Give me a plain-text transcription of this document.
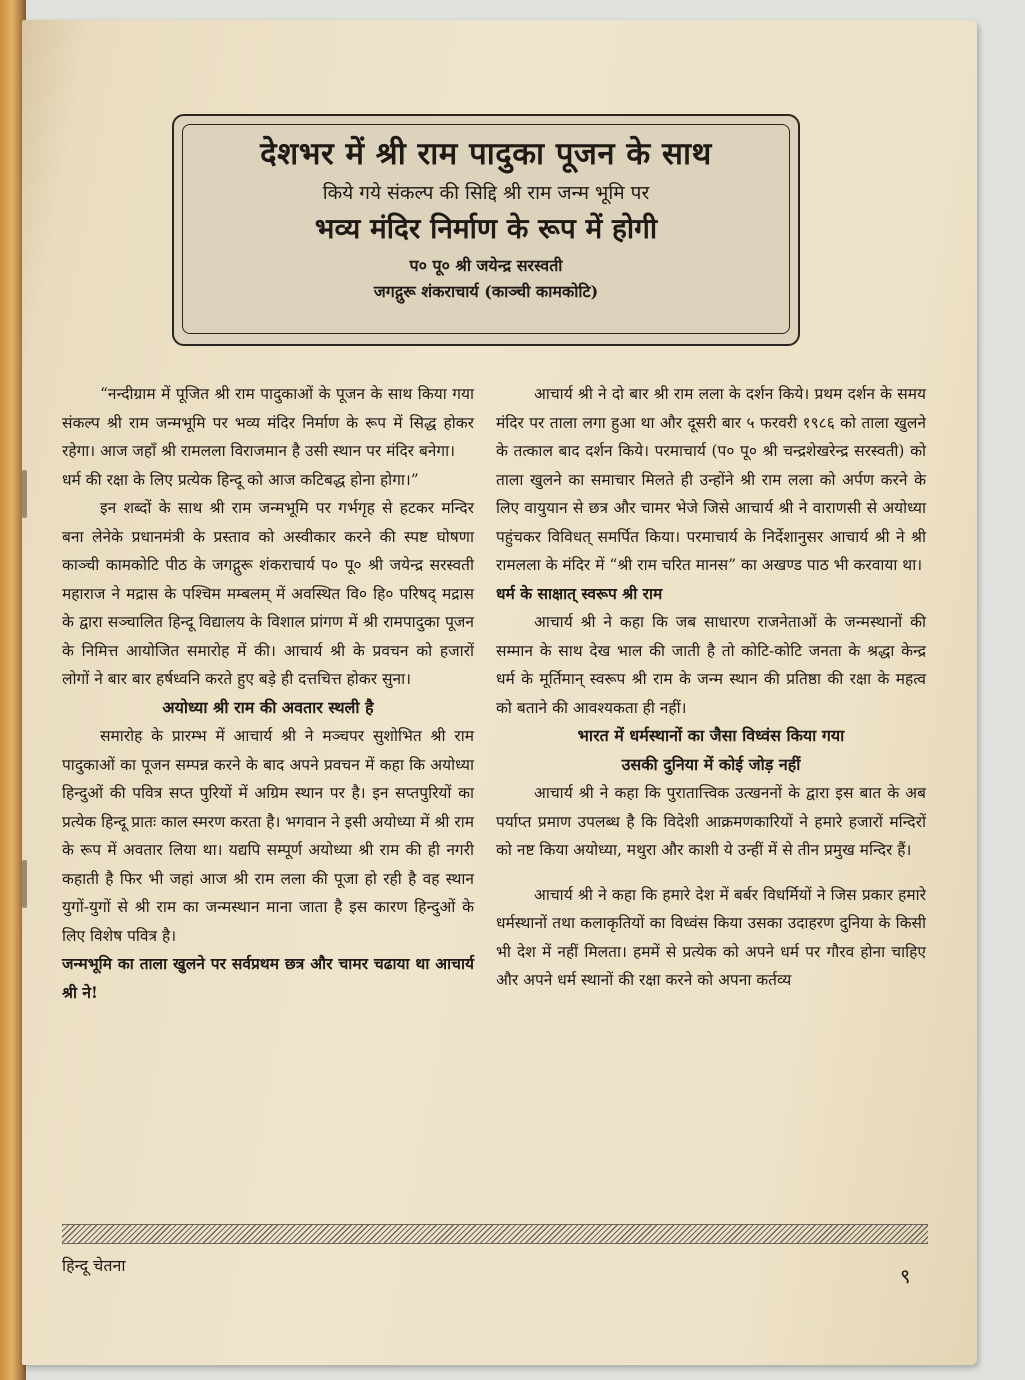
देशभर में श्री राम पादुका पूजन के साथ
किये गये संकल्प की सिद्दि श्री राम जन्म भूमि पर
भव्य मंदिर निर्माण के रूप में होगी
प० पू० श्री जयेन्द्र सरस्वती
जगद्गुरू शंकराचार्य (काञ्ची कामकोटि)

“नन्दीग्राम में पूजित श्री राम पादुकाओं के पूजन के साथ किया गया संकल्प श्री राम जन्मभूमि पर भव्य मंदिर निर्माण के रूप में सिद्ध होकर रहेगा। आज जहाँ श्री रामलला विराजमान है उसी स्थान पर मंदिर बनेगा।

धर्म की रक्षा के लिए प्रत्येक हिन्दू को आज कटिबद्ध होना होगा।”

इन शब्दों के साथ श्री राम जन्मभूमि पर गर्भगृह से हटकर मन्दिर बना लेनेके प्रधानमंत्री के प्रस्ताव को अस्वीकार करने की स्पष्ट घोषणा काञ्ची कामकोटि पीठ के जगद्गुरू शंकराचार्य प० पू० श्री जयेन्द्र सरस्वती महाराज ने मद्रास के पश्चिम मम्बलम् में अवस्थित वि० हि० परिषद् मद्रास के द्वारा सञ्चालित हिन्दू विद्यालय के विशाल प्रांगण में श्री रामपादुका पूजन के निमित्त आयोजित समारोह में की। आचार्य श्री के प्रवचन को हजारों लोगों ने बार बार हर्षध्वनि करते हुए बड़े ही दत्तचित्त होकर सुना।

अयोध्या श्री राम की अवतार स्थली है

समारोह के प्रारम्भ में आचार्य श्री ने मञ्चपर सुशोभित श्री राम पादुकाओं का पूजन सम्पन्न करने के बाद अपने प्रवचन में कहा कि अयोध्या हिन्दुओं की पवित्र सप्त पुरियों में अग्रिम स्थान पर है। इन सप्तपुरियों का प्रत्येक हिन्दू प्रातः काल स्मरण करता है। भगवान ने इसी अयोध्या में श्री राम के रूप में अवतार लिया था। यद्यपि सम्पूर्ण अयोध्या श्री राम की ही नगरी कहाती है फिर भी जहां आज श्री राम लला की पूजा हो रही है वह स्थान युगों-युगों से श्री राम का जन्मस्थान माना जाता है इस कारण हिन्दुओं के लिए विशेष पवित्र है।

जन्मभूमि का ताला खुलने पर सर्वप्रथम छत्र और चामर चढाया था आचार्य श्री ने!

आचार्य श्री ने दो बार श्री राम लला के दर्शन किये। प्रथम दर्शन के समय मंदिर पर ताला लगा हुआ था और दूसरी बार ५ फरवरी १९८६ को ताला खुलने के तत्काल बाद दर्शन किये। परमाचार्य (प० पू० श्री चन्द्रशेखरेन्द्र सरस्वती) को ताला खुलने का समाचार मिलते ही उन्होंने श्री राम लला को अर्पण करने के लिए वायुयान से छत्र और चामर भेजे जिसे आचार्य श्री ने वाराणसी से अयोध्या पहुंचकर विविधत् समर्पित किया। परमाचार्य के निर्देशानुसर आचार्य श्री ने श्री रामलला के मंदिर में “श्री राम चरित मानस” का अखण्ड पाठ भी करवाया था।

धर्म के साक्षात् स्वरूप श्री राम

आचार्य श्री ने कहा कि जब साधारण राजनेताओं के जन्मस्थानों की सम्मान के साथ देख भाल की जाती है तो कोटि-कोटि जनता के श्रद्धा केन्द्र धर्म के मूर्तिमान् स्वरूप श्री राम के जन्म स्थान की प्रतिष्ठा की रक्षा के महत्व को बताने की आवश्यकता ही नहीं।

भारत में धर्मस्थानों का जैसा विध्वंस किया गया

उसकी दुनिया में कोई जोड़ नहीं

आचार्य श्री ने कहा कि पुरातात्त्विक उत्खननों के द्वारा इस बात के अब पर्याप्त प्रमाण उपलब्ध है कि विदेशी आक्रमणकारियों ने हमारे हजारों मन्दिरों को नष्ट किया अयोध्या, मथुरा और काशी ये उन्हीं में से तीन प्रमुख मन्दिर हैं।

आचार्य श्री ने कहा कि हमारे देश में बर्बर विधर्मियों ने जिस प्रकार हमारे धर्मस्थानों तथा कलाकृतियों का विध्वंस किया उसका उदाहरण दुनिया के किसी भी देश में नहीं मिलता। हममें से प्रत्येक को अपने धर्म पर गौरव होना चाहिए और अपने धर्म स्थानों की रक्षा करने को अपना कर्तव्य

हिन्दू चेतना	९
